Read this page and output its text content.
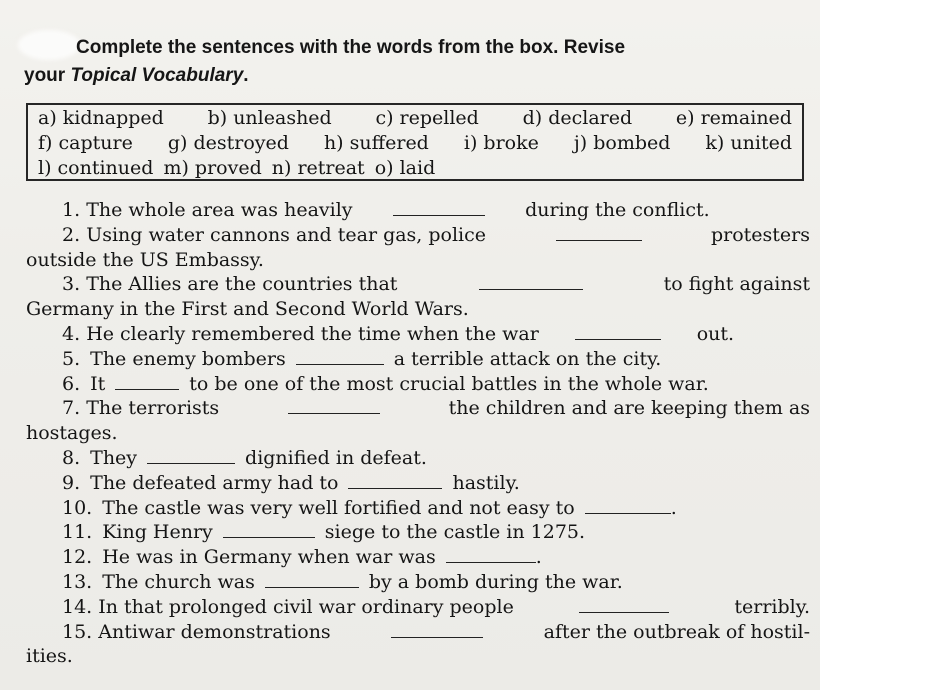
Complete the sentences with the words from the box. Revise
your Topical Vocabulary.
a) kidnapped b) unleashed c) repelled d) declared e) remained
f) capture g) destroyed h) suffered i) broke j) bombed k) united
l) continued m) proved n) retreat o) laid
1. The whole area was heavily	during the conflict.
2. Using water cannons and tear gas, police	protesters
outside the US Embassy.
3. The Allies are the countries that	to fight against
Germany in the First and Second World Wars.
4. He clearly remembered the time when the war	out.
5. The enemy bombers	a terrible attack on the city.
6. It	to be one of the most crucial battles in the whole war.
7. The terrorists	the children and are keeping them as
hostages.
8. They	dignified in defeat.
9. The defeated army had to	hastily.
10. The castle was very well fortified and not easy to	.
11. King Henry	siege to the castle in 1275.
12. He was in Germany when war was	.
13. The church was	by a bomb during the war.
14. In that prolonged civil war ordinary people	terribly.
15. Antiwar demonstrations	after the outbreak of hostil-
ities.
